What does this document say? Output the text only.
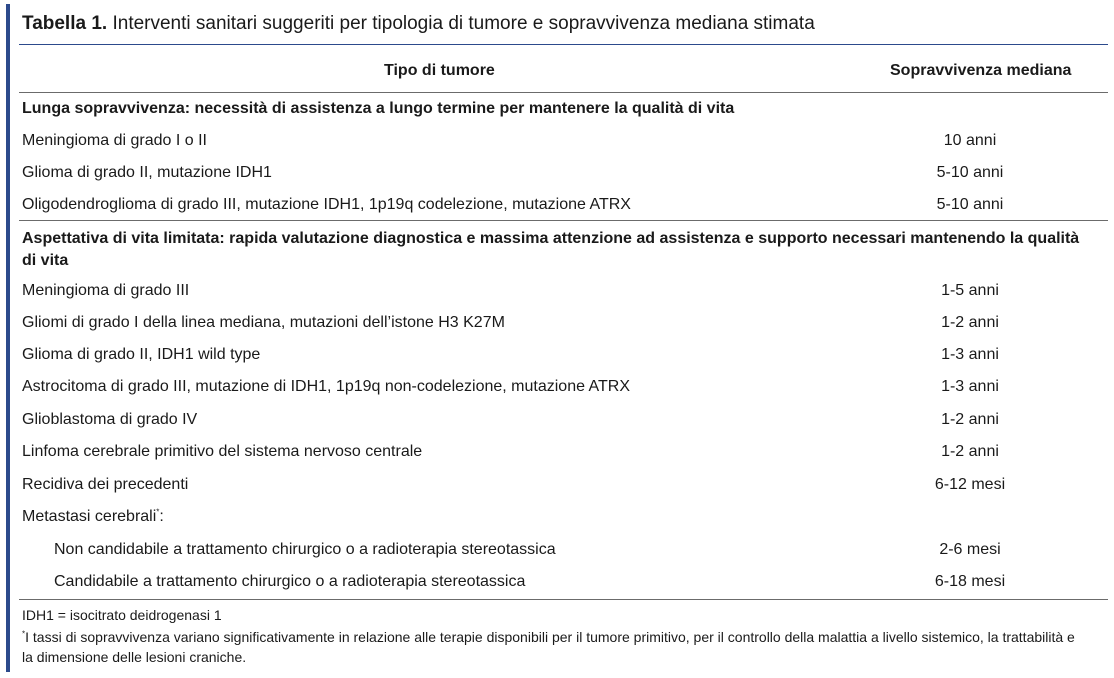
Tabella 1. Interventi sanitari suggeriti per tipologia di tumore e sopravvivenza mediana stimata
Tipo di tumore	Sopravvivenza mediana
Lunga sopravvivenza: necessità di assistenza a lungo termine per mantenere la qualità di vita
Meningioma di grado I o II	10 anni
Glioma di grado II, mutazione IDH1	5-10 anni
Oligodendroglioma di grado III, mutazione IDH1, 1p19q codelezione, mutazione ATRX	5-10 anni
Aspettativa di vita limitata: rapida valutazione diagnostica e massima attenzione ad assistenza e supporto necessari mantenendo la qualità di vita
Meningioma di grado III	1-5 anni
Gliomi di grado I della linea mediana, mutazioni dell’istone H3 K27M	1-2 anni
Glioma di grado II, IDH1 wild type	1-3 anni
Astrocitoma di grado III, mutazione di IDH1, 1p19q non-codelezione, mutazione ATRX	1-3 anni
Glioblastoma di grado IV	1-2 anni
Linfoma cerebrale primitivo del sistema nervoso centrale	1-2 anni
Recidiva dei precedenti	6-12 mesi
Metastasi cerebrali*:
Non candidabile a trattamento chirurgico o a radioterapia stereotassica	2-6 mesi
Candidabile a trattamento chirurgico o a radioterapia stereotassica	6-18 mesi
IDH1 = isocitrato deidrogenasi 1
*I tassi di sopravvivenza variano significativamente in relazione alle terapie disponibili per il tumore primitivo, per il controllo della malattia a livello sistemico, la trattabilità e la dimensione delle lesioni craniche.
